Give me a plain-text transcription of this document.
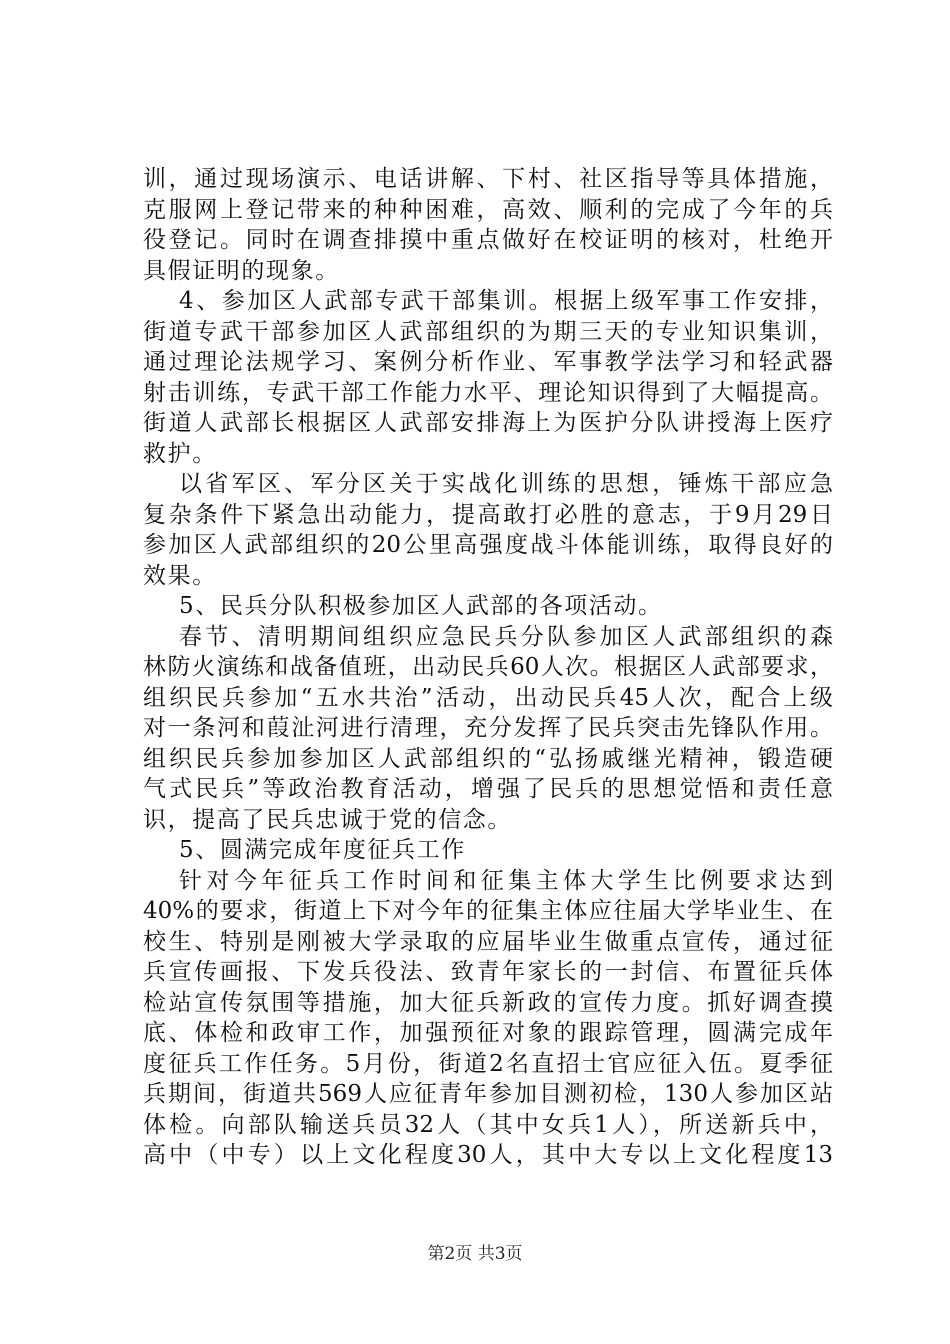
训，通过现场演示、电话讲解、下村、社区指导等具体措施，
克服网上登记带来的种种困难，高效、顺利的完成了今年的兵
役登记。同时在调查排摸中重点做好在校证明的核对，杜绝开
具假证明的现象。
4、参加区人武部专武干部集训。根据上级军事工作安排，
街道专武干部参加区人武部组织的为期三天的专业知识集训，
通过理论法规学习、案例分析作业、军事教学法学习和轻武器
射击训练，专武干部工作能力水平、理论知识得到了大幅提高。
街道人武部长根据区人武部安排海上为医护分队讲授海上医疗
救护。
以省军区、军分区关于实战化训练的思想，锤炼干部应急
复杂条件下紧急出动能力，提高敢打必胜的意志，于9月29日
参加区人武部组织的20公里高强度战斗体能训练，取得良好的
效果。
5、民兵分队积极参加区人武部的各项活动。
春节、清明期间组织应急民兵分队参加区人武部组织的森
林防火演练和战备值班，出动民兵60人次。根据区人武部要求，
组织民兵参加“五水共治”活动，出动民兵45人次，配合上级
对一条河和葭沚河进行清理，充分发挥了民兵突击先锋队作用。
组织民兵参加参加区人武部组织的“弘扬戚继光精神，锻造硬
气式民兵”等政治教育活动，增强了民兵的思想觉悟和责任意
识，提高了民兵忠诚于党的信念。
5、圆满完成年度征兵工作
针对今年征兵工作时间和征集主体大学生比例要求达到
40%的要求，街道上下对今年的征集主体应往届大学毕业生、在
校生、特别是刚被大学录取的应届毕业生做重点宣传，通过征
兵宣传画报、下发兵役法、致青年家长的一封信、布置征兵体
检站宣传氛围等措施，加大征兵新政的宣传力度。抓好调查摸
底、体检和政审工作，加强预征对象的跟踪管理，圆满完成年
度征兵工作任务。5月份，街道2名直招士官应征入伍。夏季征
兵期间，街道共569人应征青年参加目测初检，130人参加区站
体检。向部队输送兵员32人（其中女兵1人），所送新兵中，
高中（中专）以上文化程度30人，其中大专以上文化程度13
第2页 共3页
